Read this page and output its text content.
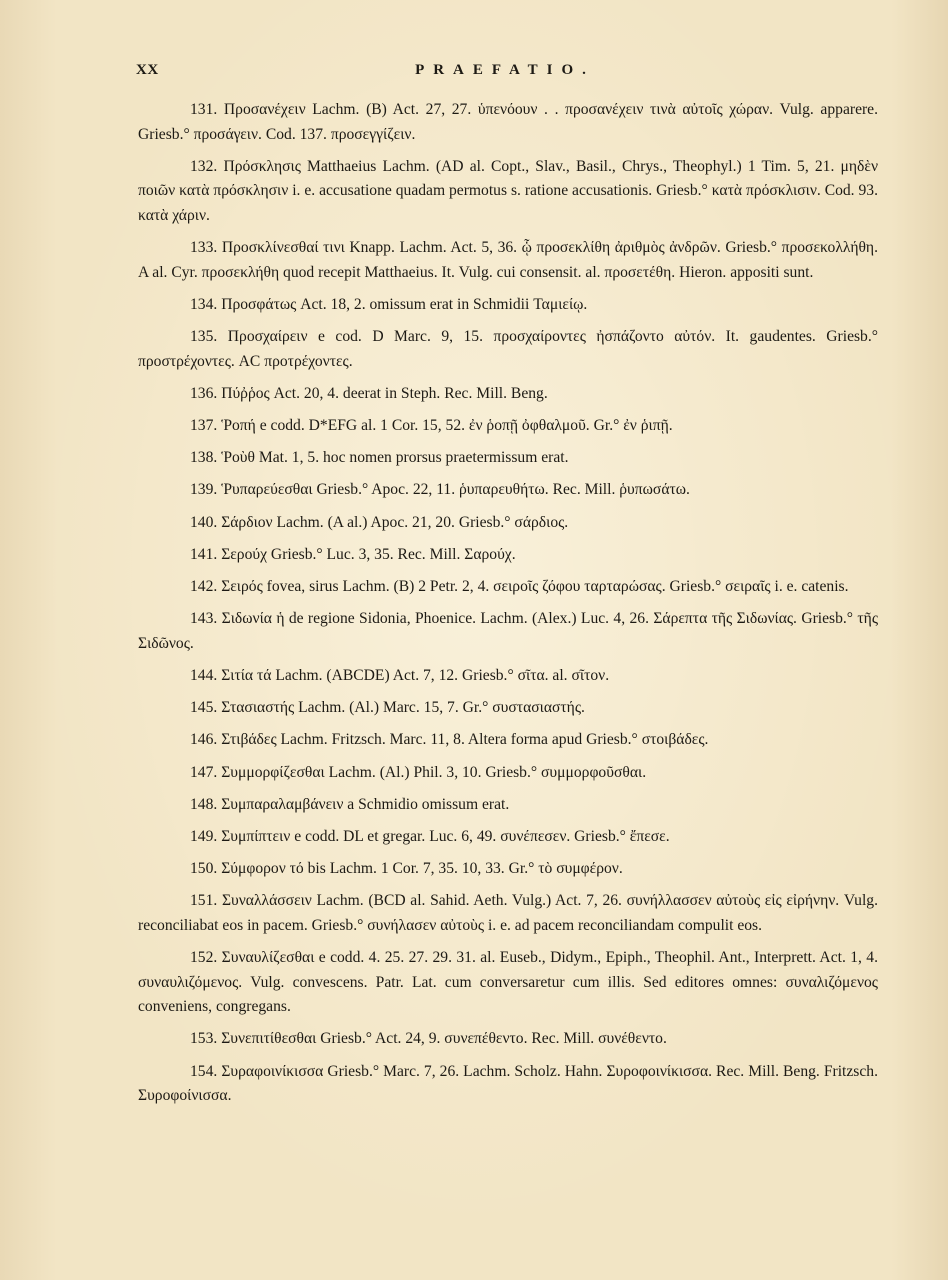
XX	PRAEFATIO.

131. Προσανέχειν Lachm. (B) Act. 27, 27. ὑπενόουν . . προσανέχειν τινὰ αὐτοῖς χώραν. Vulg. apparere. Griesb.° προσάγειν. Cod. 137. προσεγγίζειν.

132. Πρόσκλησις Matthaeius Lachm. (AD al. Copt., Slav., Basil., Chrys., Theophyl.) 1 Tim. 5, 21. μηδὲν ποιῶν κατὰ πρόσκλησιν i. e. accusatione quadam permotus s. ratione accusationis. Griesb.° κατὰ πρόσκλισιν. Cod. 93. κατὰ χάριν.

133. Προσκλίνεσθαί τινι Knapp. Lachm. Act. 5, 36. ᾧ προσεκλίθη ἀριθμὸς ἀνδρῶν. Griesb.° προσεκολλήθη. A al. Cyr. προσεκλήθη quod recepit Matthaeius. It. Vulg. cui consensit. al. προσετέθη. Hieron. appositi sunt.

134. Προσφάτως Act. 18, 2. omissum erat in Schmidii Ταμιείῳ.

135. Προσχαίρειν e cod. D Marc. 9, 15. προσχαίροντες ἠσπάζοντο αὐτόν. It. gaudentes. Griesb.° προστρέχοντες. AC προτρέχοντες.

136. Πύῤῥος Act. 20, 4. deerat in Steph. Rec. Mill. Beng.

137. Ῥοπή e codd. D*EFG al. 1 Cor. 15, 52. ἐν ῥοπῇ ὀφθαλμοῦ. Gr.° ἐν ῥιπῇ.

138. Ῥοὺθ Mat. 1, 5. hoc nomen prorsus praetermissum erat.

139. Ῥυπαρεύεσθαι Griesb.° Apoc. 22, 11. ῥυπαρευθήτω. Rec. Mill. ῥυπωσάτω.

140. Σάρδιον Lachm. (A al.) Apoc. 21, 20. Griesb.° σάρδιος.

141. Σερούχ Griesb.° Luc. 3, 35. Rec. Mill. Σαρούχ.

142. Σειρός fovea, sirus Lachm. (B) 2 Petr. 2, 4. σειροῖς ζόφου ταρταρώσας. Griesb.° σειραῖς i. e. catenis.

143. Σιδωνία ἡ de regione Sidonia, Phoenice. Lachm. (Alex.) Luc. 4, 26. Σάρεπτα τῆς Σιδωνίας. Griesb.° τῆς Σιδῶνος.

144. Σιτία τά Lachm. (ABCDE) Act. 7, 12. Griesb.° σῖτα. al. σῖτον.

145. Στασιαστής Lachm. (Al.) Marc. 15, 7. Gr.° συστασιαστής.

146. Στιβάδες Lachm. Fritzsch. Marc. 11, 8. Altera forma apud Griesb.° στοιβάδες.

147. Συμμορφίζεσθαι Lachm. (Al.) Phil. 3, 10. Griesb.° συμμορφοῦσθαι.

148. Συμπαραλαμβάνειν a Schmidio omissum erat.

149. Συμπίπτειν e codd. DL et gregar. Luc. 6, 49. συνέπεσεν. Griesb.° ἔπεσε.

150. Σύμφορον τό bis Lachm. 1 Cor. 7, 35. 10, 33. Gr.° τὸ συμφέρον.

151. Συναλλάσσειν Lachm. (BCD al. Sahid. Aeth. Vulg.) Act. 7, 26. συνήλλασσεν αὐτοὺς εἰς εἰρήνην. Vulg. reconciliabat eos in pacem. Griesb.° συνήλασεν αὐτοὺς i. e. ad pacem reconciliandam compulit eos.

152. Συναυλίζεσθαι e codd. 4. 25. 27. 29. 31. al. Euseb., Didym., Epiph., Theophil. Ant., Interprett. Act. 1, 4. συναυλιζόμενος. Vulg. convescens. Patr. Lat. cum conversaretur cum illis. Sed editores omnes: συναλιζόμενος conveniens, congregans.

153. Συνεπιτίθεσθαι Griesb.° Act. 24, 9. συνεπέθεντο. Rec. Mill. συνέθεντο.

154. Συραφοινίκισσα Griesb.° Marc. 7, 26. Lachm. Scholz. Hahn. Συροφοινίκισσα. Rec. Mill. Beng. Fritzsch. Συροφοίνισσα.
